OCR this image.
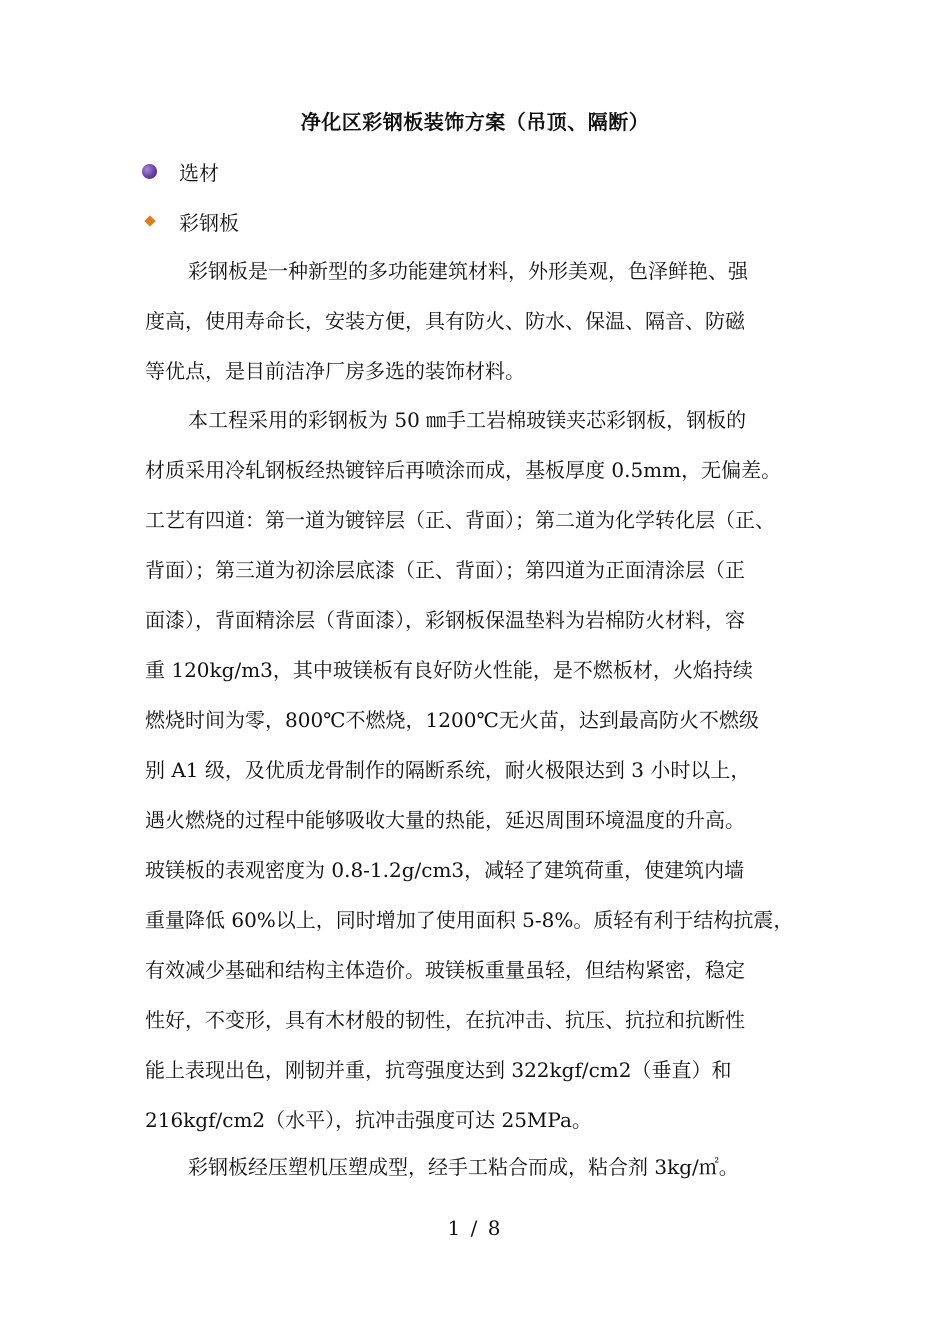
净化区彩钢板装饰方案（吊顶、隔断）
选材
彩钢板
彩钢板是一种新型的多功能建筑材料，外形美观，色泽鲜艳、强
度高，使用寿命长，安装方便，具有防火、防水、保温、隔音、防磁
等优点，是目前洁净厂房多选的装饰材料。
本工程采用的彩钢板为 50 ㎜手工岩棉玻镁夹芯彩钢板，钢板的
材质采用冷轧钢板经热镀锌后再喷涂而成，基板厚度 0.5mm，无偏差。
工艺有四道：第一道为镀锌层（正、背面）；第二道为化学转化层（正、
背面）；第三道为初涂层底漆（正、背面）；第四道为正面清涂层（正
面漆），背面精涂层（背面漆），彩钢板保温垫料为岩棉防火材料，容
重 120kg/m3，其中玻镁板有良好防火性能，是不燃板材，火焰持续
燃烧时间为零，800℃不燃烧，1200℃无火苗，达到最高防火不燃级
别 A1 级，及优质龙骨制作的隔断系统，耐火极限达到 3 小时以上，
遇火燃烧的过程中能够吸收大量的热能，延迟周围环境温度的升高。
玻镁板的表观密度为 0.8-1.2g/cm3，减轻了建筑荷重，使建筑内墙
重量降低 60%以上，同时增加了使用面积 5-8%。质轻有利于结构抗震，
有效减少基础和结构主体造价。玻镁板重量虽轻，但结构紧密，稳定
性好，不变形，具有木材般的韧性，在抗冲击、抗压、抗拉和抗断性
能上表现出色，刚韧并重，抗弯强度达到 322kgf/cm2（垂直）和
216kgf/cm2（水平），抗冲击强度可达 25MPa。
彩钢板经压塑机压塑成型，经手工粘合而成，粘合剂 3kg/㎡。
1 / 8
